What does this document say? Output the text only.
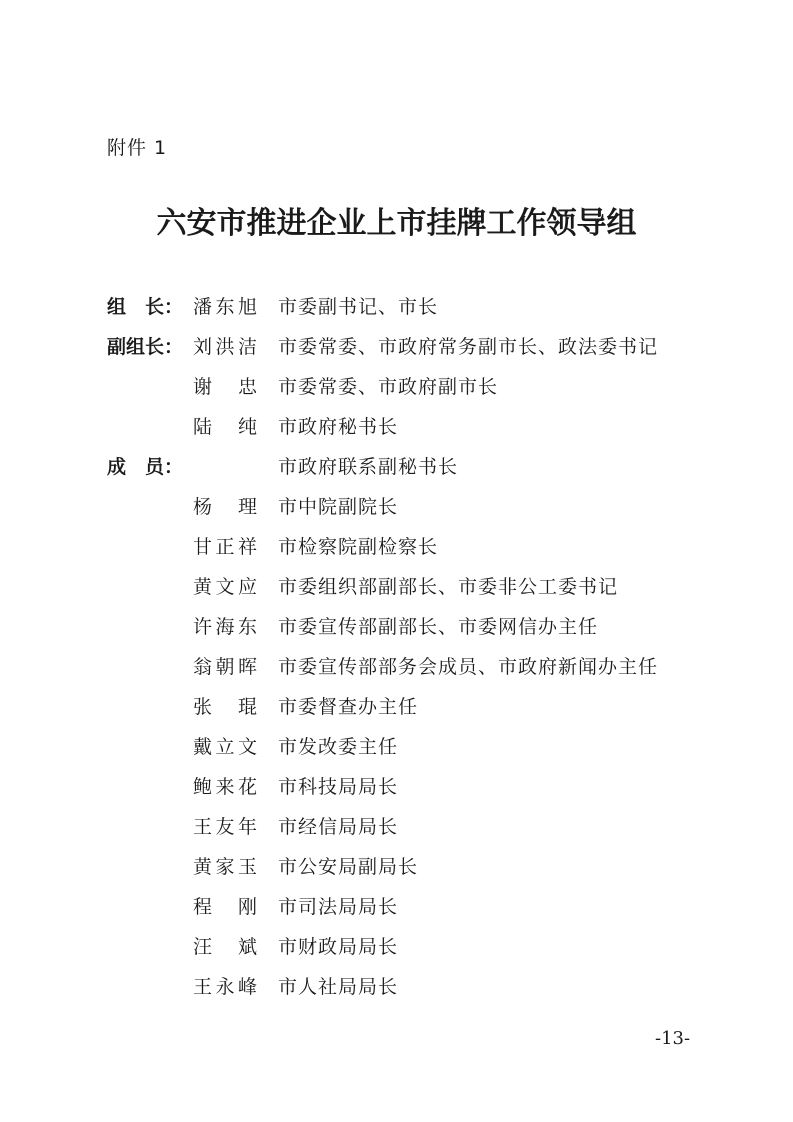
附件 1
六安市推进企业上市挂牌工作领导组
组　长： 潘 东 旭 市委副书记、市长
副组长： 刘 洪 洁 市委常委、市政府常务副市长、政法委书记
谢 忠 市委常委、市政府副市长
陆 纯 市政府秘书长
成　员：	市政府联系副秘书长
杨 理 市中院副院长
甘 正 祥 市检察院副检察长
黄 文 应 市委组织部副部长、市委非公工委书记
许 海 东 市委宣传部副部长、市委网信办主任
翁 朝 晖 市委宣传部部务会成员、市政府新闻办主任
张 琨 市委督查办主任
戴 立 文 市发改委主任
鲍 来 花 市科技局局长
王 友 年 市经信局局长
黄 家 玉 市公安局副局长
程 刚 市司法局局长
汪 斌 市财政局局长
王 永 峰 市人社局局长
-13-
